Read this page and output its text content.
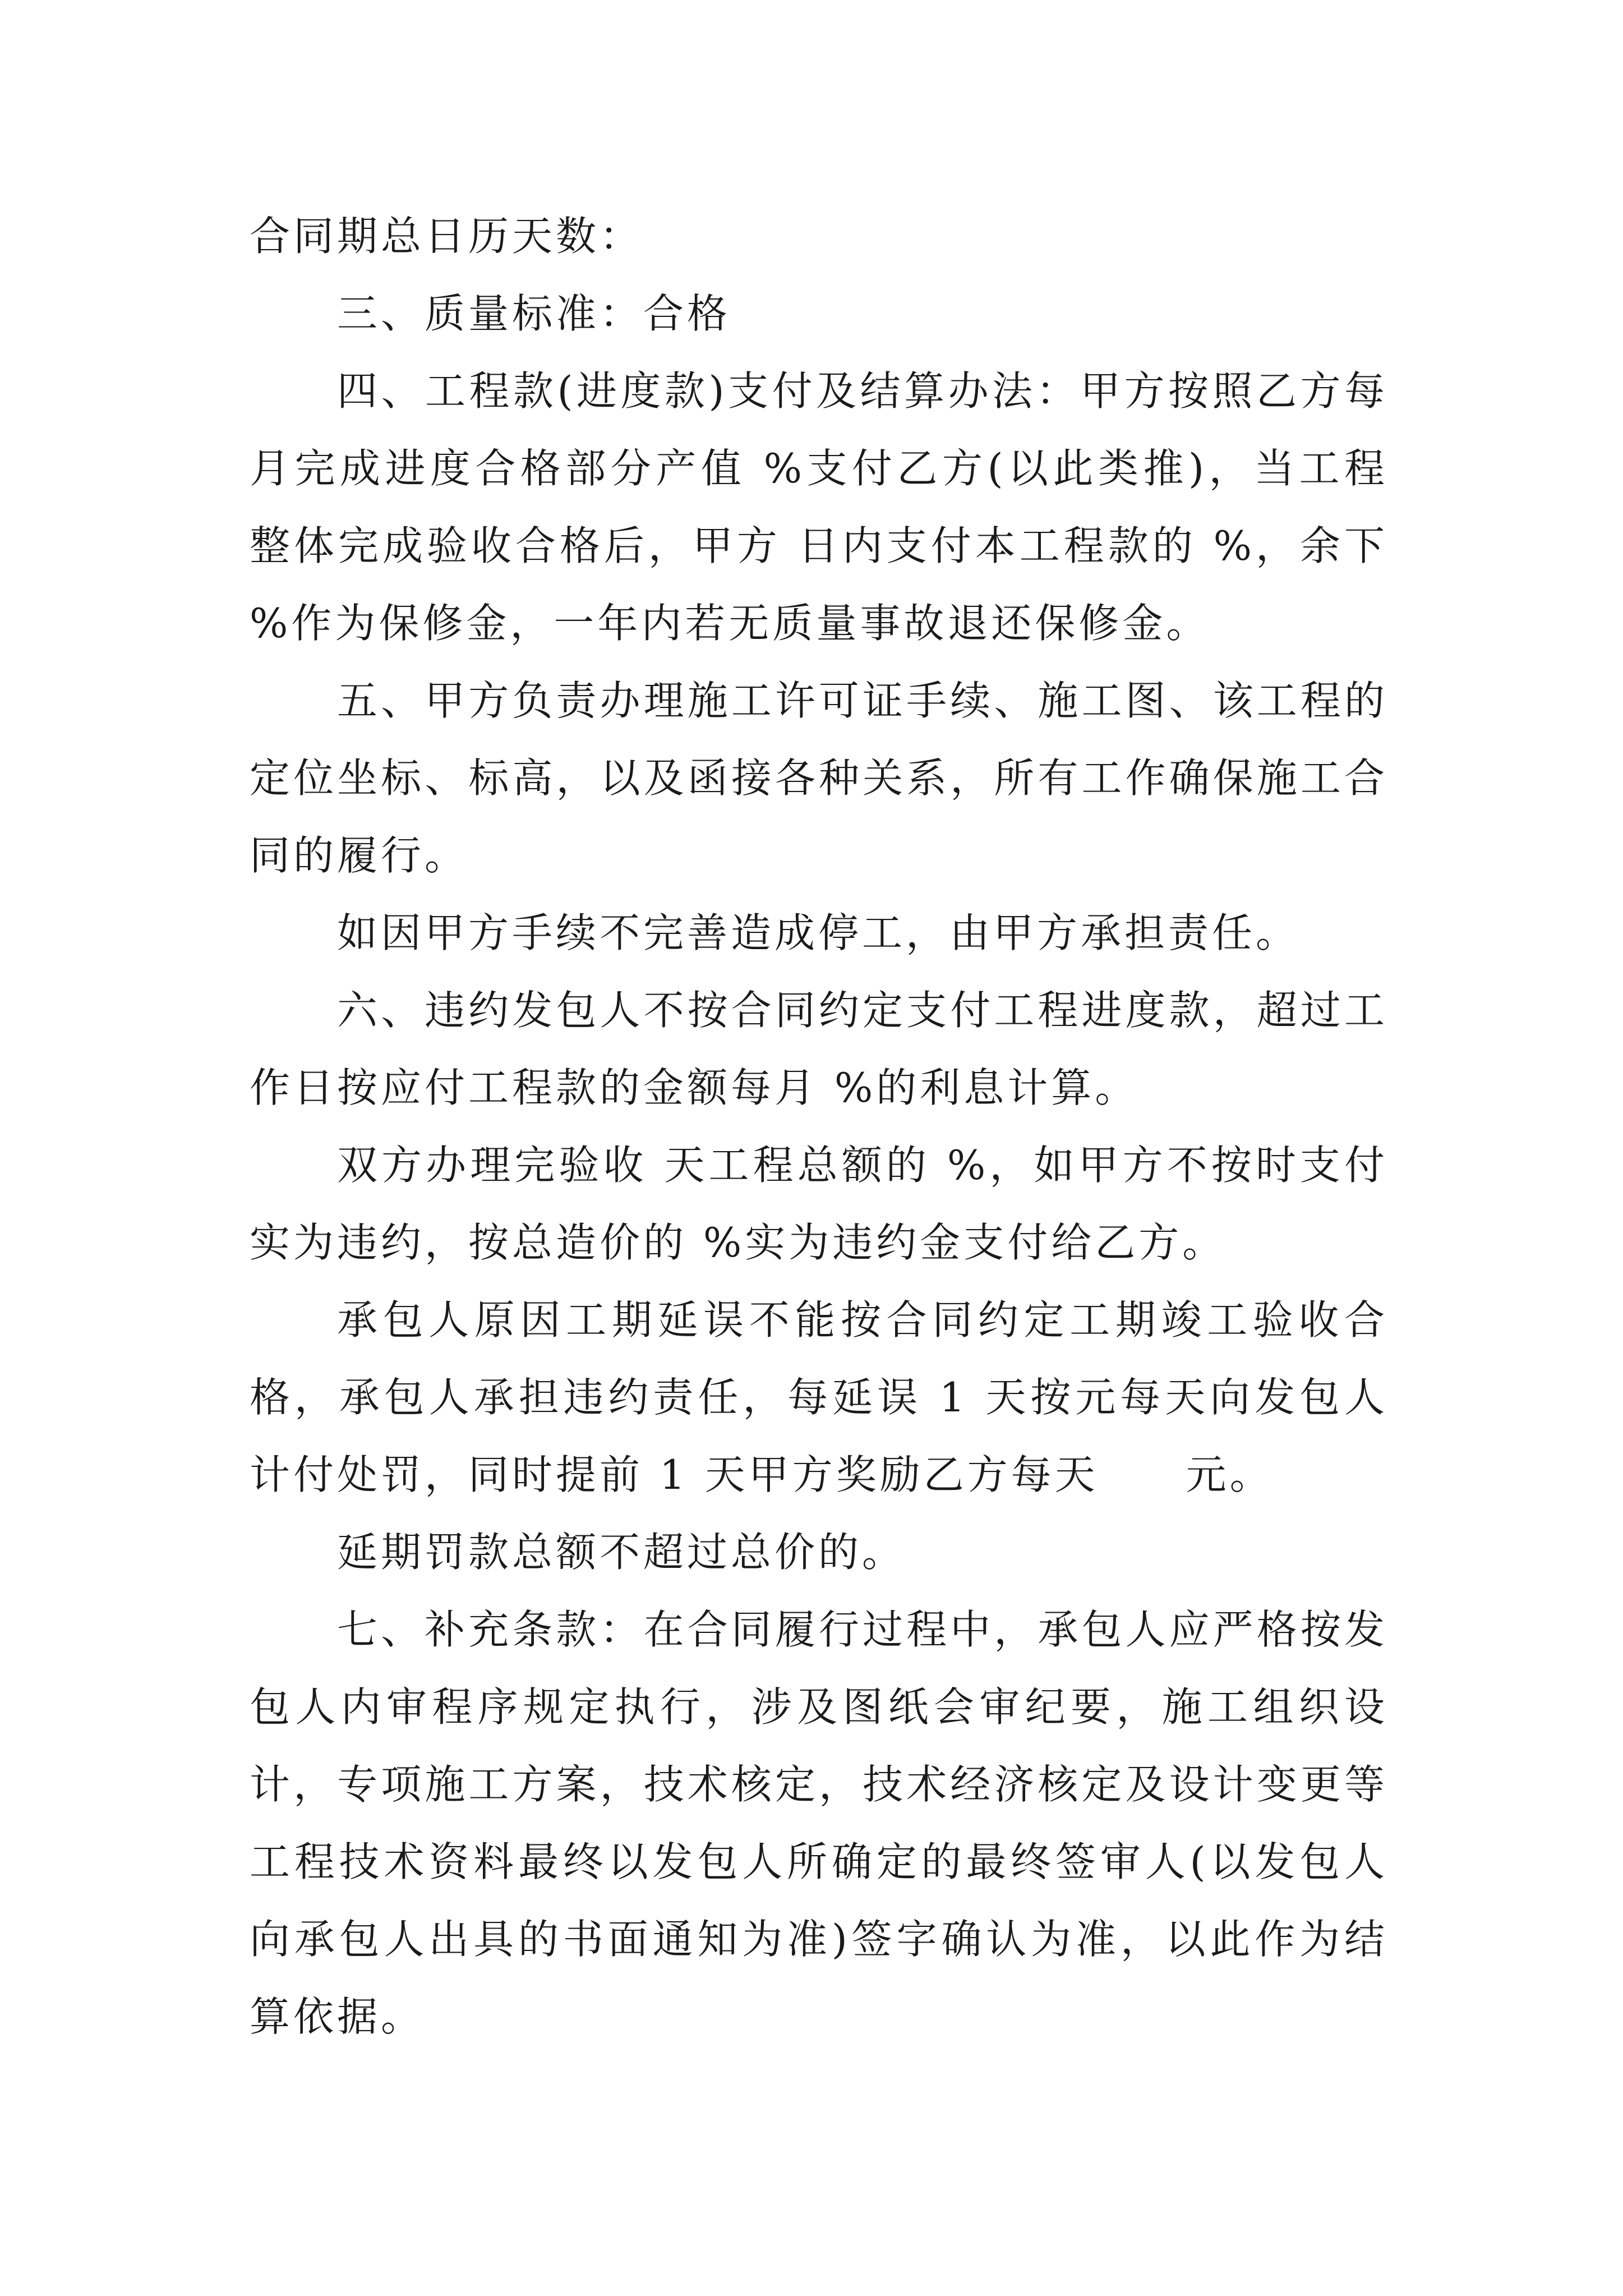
合同期总日历天数：

三、质量标准：合格

四、工程款(进度款)支付及结算办法：甲方按照乙方每月完成进度合格部分产值 %支付乙方(以此类推)，当工程整体完成验收合格后，甲方 日内支付本工程款的 %，余下 %作为保修金，一年内若无质量事故退还保修金。

五、甲方负责办理施工许可证手续、施工图、该工程的定位坐标、标高，以及函接各种关系，所有工作确保施工合同的履行。

如因甲方手续不完善造成停工，由甲方承担责任。

六、违约发包人不按合同约定支付工程进度款，超过工作日按应付工程款的金额每月 %的利息计算。

双方办理完验收 天工程总额的 %，如甲方不按时支付实为违约，按总造价的 %实为违约金支付给乙方。

承包人原因工期延误不能按合同约定工期竣工验收合格，承包人承担违约责任，每延误 1 天按元每天向发包人计付处罚，同时提前 1 天甲方奖励乙方每天　　元。

延期罚款总额不超过总价的。

七、补充条款：在合同履行过程中，承包人应严格按发包人内审程序规定执行，涉及图纸会审纪要，施工组织设计，专项施工方案，技术核定，技术经济核定及设计变更等工程技术资料最终以发包人所确定的最终签审人(以发包人向承包人出具的书面通知为准)签字确认为准，以此作为结算依据。
